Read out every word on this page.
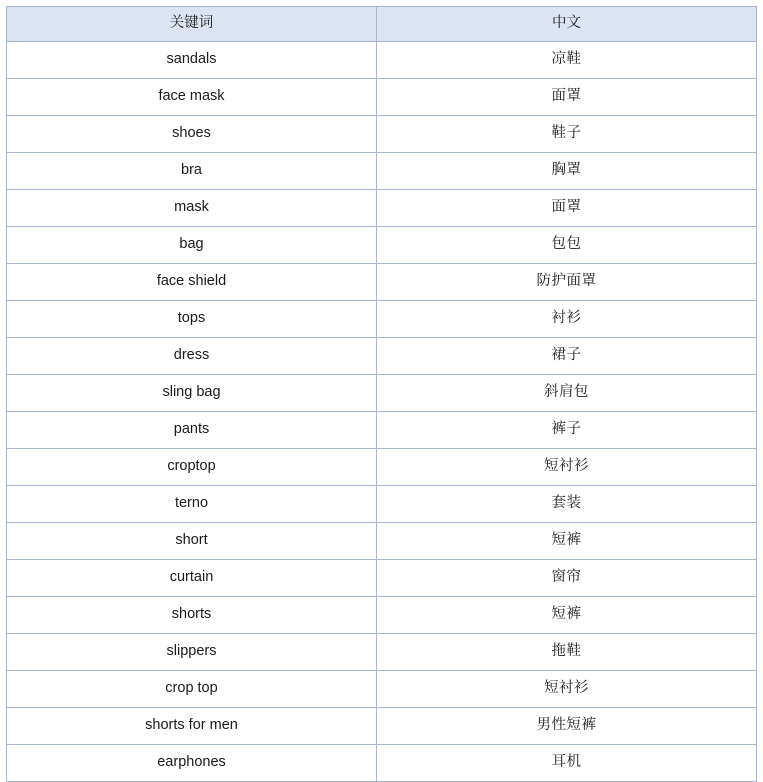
关键词	中文
sandals	凉鞋
face mask	面罩
shoes	鞋子
bra	胸罩
mask	面罩
bag	包包
face shield	防护面罩
tops	衬衫
dress	裙子
sling bag	斜肩包
pants	裤子
croptop	短衬衫
terno	套装
short	短裤
curtain	窗帘
shorts	短裤
slippers	拖鞋
crop top	短衬衫
shorts for men	男性短裤
earphones	耳机
